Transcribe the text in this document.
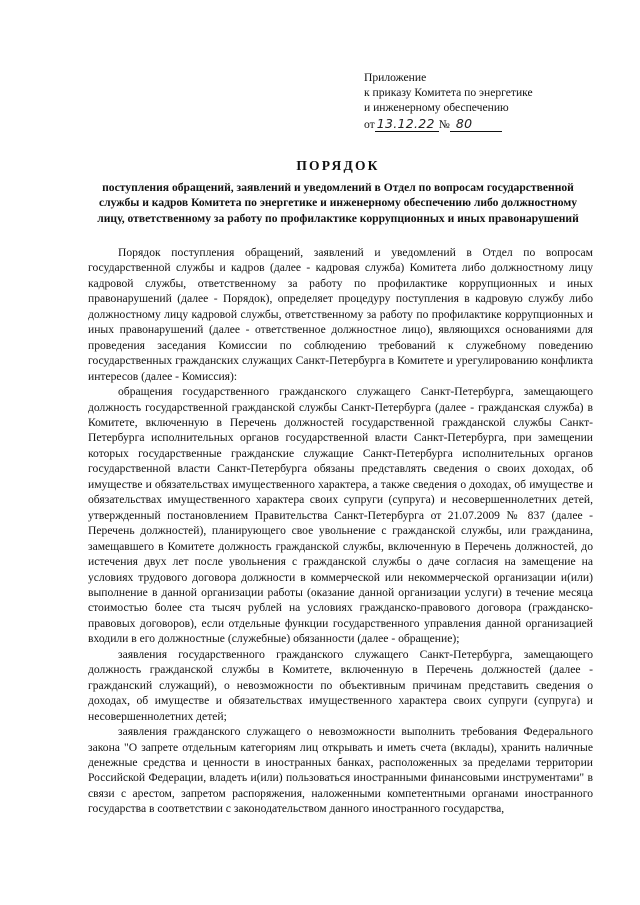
Приложение
к приказу Комитета по энергетике
и инженерному обеспечению
от 13.12.22 № 80
ПОРЯДОК
поступления обращений, заявлений и уведомлений в Отдел по вопросам государственной службы и кадров Комитета по энергетике и инженерному обеспечению либо должностному лицу, ответственному за работу по профилактике коррупционных и иных правонарушений

Порядок поступления обращений, заявлений и уведомлений в Отдел по вопросам государственной службы и кадров (далее - кадровая служба) Комитета либо должностному лицу кадровой службы, ответственному за работу по профилактике коррупционных и иных правонарушений (далее - Порядок), определяет процедуру поступления в кадровую службу либо должностному лицу кадровой службы, ответственному за работу по профилактике коррупционных и иных правонарушений (далее - ответственное должностное лицо), являющихся основаниями для проведения заседания Комиссии по соблюдению требований к служебному поведению государственных гражданских служащих Санкт-Петербурга в Комитете и урегулированию конфликта интересов (далее - Комиссия):

обращения государственного гражданского служащего Санкт-Петербурга, замещающего должность государственной гражданской службы Санкт-Петербурга (далее - гражданская служба) в Комитете, включенную в Перечень должностей государственной гражданской службы Санкт-Петербурга исполнительных органов государственной власти Санкт-Петербурга, при замещении которых государственные гражданские служащие Санкт-Петербурга исполнительных органов государственной власти Санкт-Петербурга обязаны представлять сведения о своих доходах, об имуществе и обязательствах имущественного характера, а также сведения о доходах, об имуществе и обязательствах имущественного характера своих супруги (супруга) и несовершеннолетних детей, утвержденный постановлением Правительства Санкт-Петербурга от 21.07.2009 № 837 (далее - Перечень должностей), планирующего свое увольнение с гражданской службы, или гражданина, замещавшего в Комитете должность гражданской службы, включенную в Перечень должностей, до истечения двух лет после увольнения с гражданской службы о даче согласия на замещение на условиях трудового договора должности в коммерческой или некоммерческой организации и(или) выполнение в данной организации работы (оказание данной организации услуги) в течение месяца стоимостью более ста тысяч рублей на условиях гражданско-правового договора (гражданско-правовых договоров), если отдельные функции государственного управления данной организацией входили в его должностные (служебные) обязанности (далее - обращение);

заявления государственного гражданского служащего Санкт-Петербурга, замещающего должность гражданской службы в Комитете, включенную в Перечень должностей (далее - гражданский служащий), о невозможности по объективным причинам представить сведения о доходах, об имуществе и обязательствах имущественного характера своих супруги (супруга) и несовершеннолетних детей;

заявления гражданского служащего о невозможности выполнить требования Федерального закона "О запрете отдельным категориям лиц открывать и иметь счета (вклады), хранить наличные денежные средства и ценности в иностранных банках, расположенных за пределами территории Российской Федерации, владеть и(или) пользоваться иностранными финансовыми инструментами" в связи с арестом, запретом распоряжения, наложенными компетентными органами иностранного государства в соответствии с законодательством данного иностранного государства,
